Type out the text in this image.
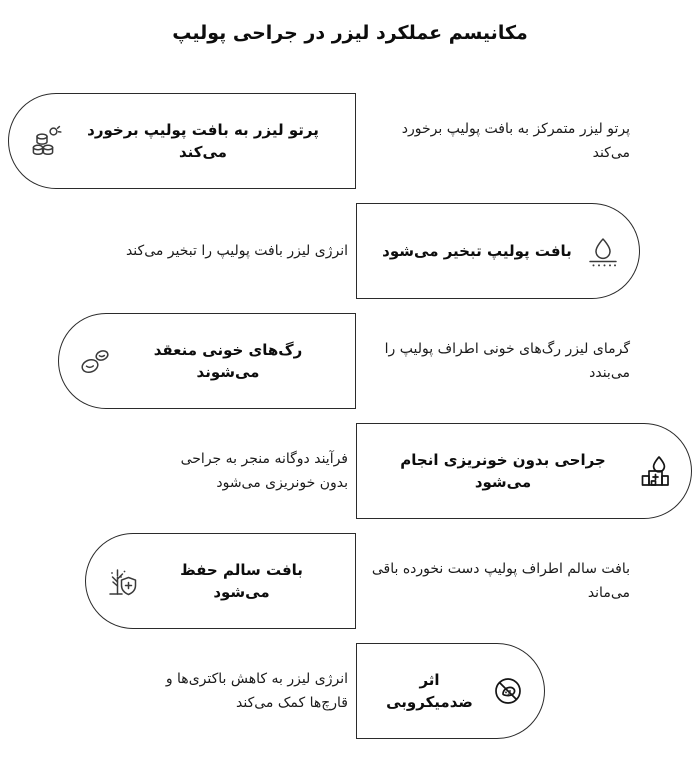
مکانیسم عملکرد لیزر در جراحی پولیپ
پرتو لیزر به بافت پولیپ برخورد می‌کند
پرتو لیزر متمرکز به بافت پولیپ برخورد می‌کند
بافت پولیپ تبخیر می‌شود
انرژی لیزر بافت پولیپ را تبخیر می‌کند
رگ‌های خونی منعقد می‌شوند
گرمای لیزر رگ‌های خونی اطراف پولیپ را می‌بندد
جراحی بدون خونریزی انجام می‌شود
فرآیند دوگانه منجر به جراحی بدون خونریزی می‌شود
بافت سالم حفظ می‌شود
بافت سالم اطراف پولیپ دست نخورده باقی می‌ماند
اثر ضدمیکروبی
انرژی لیزر به کاهش باکتری‌ها و قارچ‌ها کمک می‌کند
